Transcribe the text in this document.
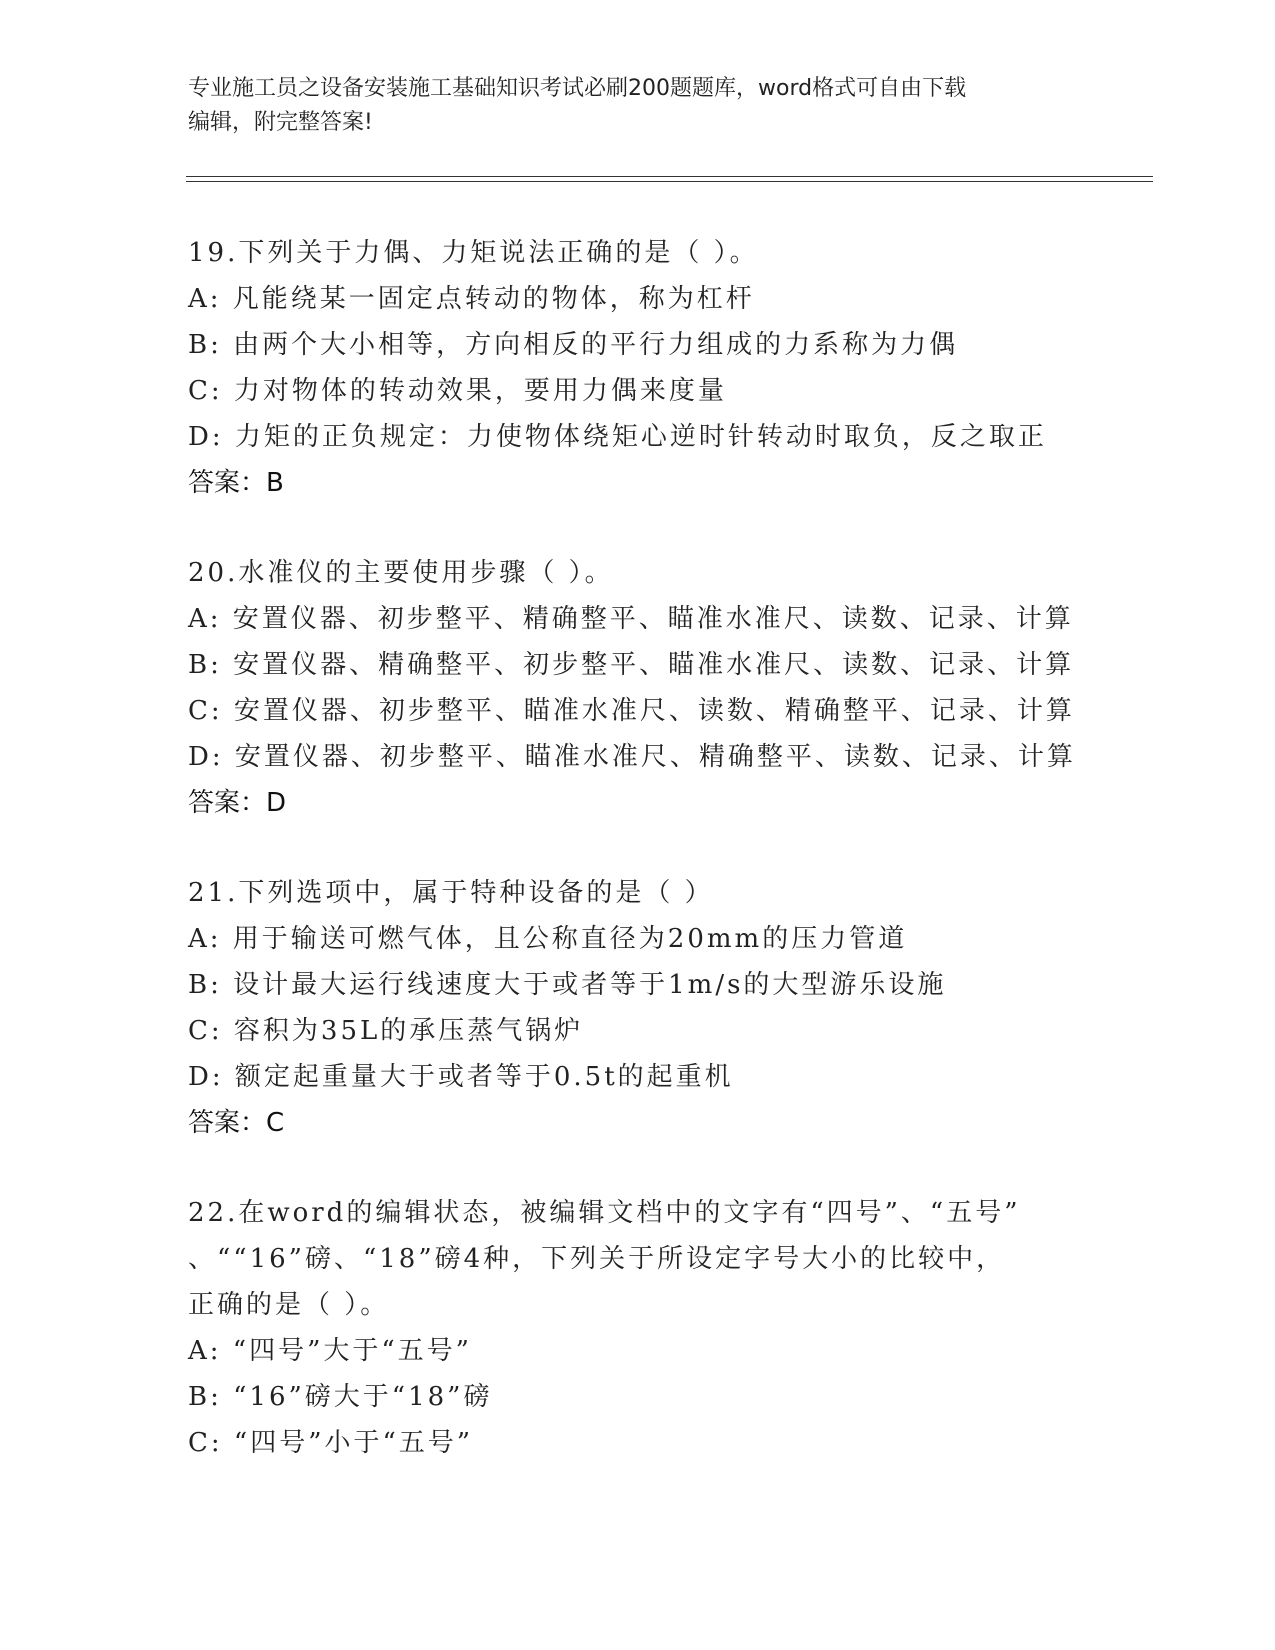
专业施工员之设备安装施工基础知识考试必刷200题题库，word格式可自由下载
编辑，附完整答案!
19.下列关于力偶、力矩说法正确的是（ ）。
A: 凡能绕某一固定点转动的物体，称为杠杆
B: 由两个大小相等，方向相反的平行力组成的力系称为力偶
C: 力对物体的转动效果，要用力偶来度量
D: 力矩的正负规定：力使物体绕矩心逆时针转动时取负，反之取正
答案：B
20.水准仪的主要使用步骤（ ）。
A: 安置仪器、初步整平、精确整平、瞄准水准尺、读数、记录、计算
B: 安置仪器、精确整平、初步整平、瞄准水准尺、读数、记录、计算
C: 安置仪器、初步整平、瞄准水准尺、读数、精确整平、记录、计算
D: 安置仪器、初步整平、瞄准水准尺、精确整平、读数、记录、计算
答案：D
21.下列选项中，属于特种设备的是（ ）
A: 用于输送可燃气体，且公称直径为20mm的压力管道
B: 设计最大运行线速度大于或者等于1m/s的大型游乐设施
C: 容积为35L的承压蒸气锅炉
D: 额定起重量大于或者等于0.5t的起重机
答案：C
22.在word的编辑状态，被编辑文档中的文字有“四号”、“五号”
、““16”磅、“18”磅4种，下列关于所设定字号大小的比较中，
正确的是（ ）。
A: “四号”大于“五号”
B: “16”磅大于“18”磅
C: “四号”小于“五号”
